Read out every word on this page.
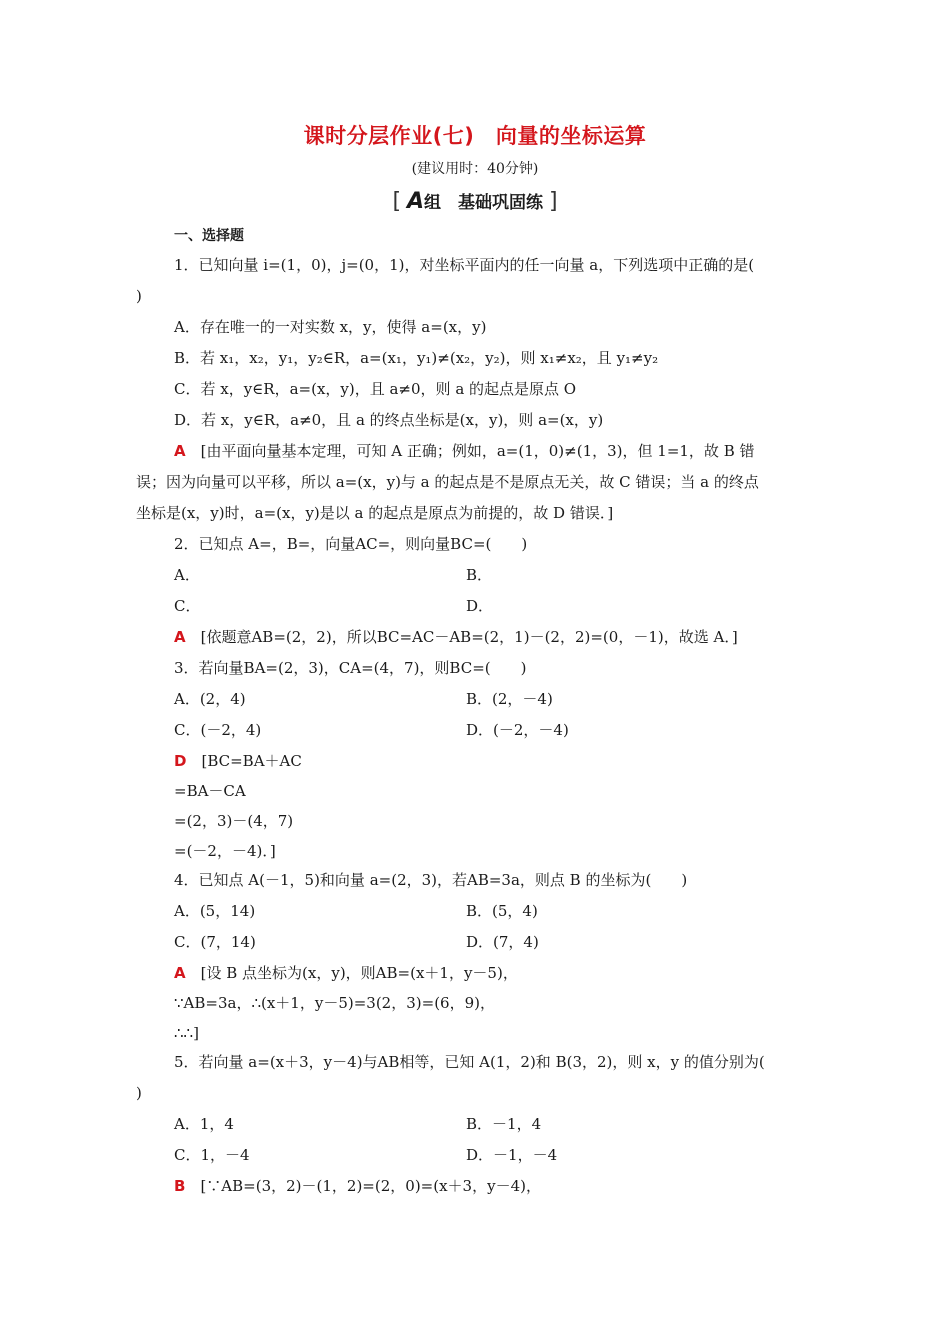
课时分层作业(七)　向量的坐标运算
(建议用时：40分钟)
[ A组　基础巩固练 ]
一、选择题
1．已知向量 i=(1，0)，j=(0，1)，对坐标平面内的任一向量 a，下列选项中正确的是(
)
A．存在唯一的一对实数 x，y，使得 a=(x，y)
B．若 x₁，x₂，y₁，y₂∈R，a=(x₁，y₁)≠(x₂，y₂)，则 x₁≠x₂，且 y₁≠y₂
C．若 x，y∈R，a=(x，y)，且 a≠0，则 a 的起点是原点 O
D．若 x，y∈R，a≠0，且 a 的终点坐标是(x，y)，则 a=(x，y)
A　 [由平面向量基本定理，可知 A 正确；例如，a=(1，0)≠(1，3)，但 1=1，故 B 错
误；因为向量可以平移，所以 a=(x，y)与 a 的起点是不是原点无关，故 C 错误；当 a 的终点
坐标是(x，y)时，a=(x，y)是以 a 的起点是原点为前提的，故 D 错误．]
2．已知点 A=，B=，向量AC=，则向量BC=(　　)
A．	B．
C．	D．
A　 [依题意AB=(2，2)，所以BC=AC－AB=(2，1)－(2，2)=(0，－1)，故选 A．]
3．若向量BA=(2，3)，CA=(4，7)，则BC=(　　)
A．(2，4)	B．(2，－4)
C．(－2，4)	D．(－2，－4)
D　 [BC=BA＋AC
=BA－CA
=(2，3)－(4，7)
=(－2，－4)．]
4．已知点 A(－1，5)和向量 a=(2，3)，若AB=3a，则点 B 的坐标为(　　)
A．(5，14)	B．(5，4)
C．(7，14)	D．(7，4)
A　 [设 B 点坐标为(x，y)，则AB=(x＋1，y－5)，
∵AB=3a，∴(x＋1，y－5)=3(2，3)=(6，9)，
∴∴]
5．若向量 a=(x＋3，y－4)与AB相等，已知 A(1，2)和 B(3，2)，则 x，y 的值分别为(
)
A．1，4	B．－1，4
C．1，－4	D．－1，－4
B　 [∵AB=(3，2)－(1，2)=(2，0)=(x＋3，y－4)，
